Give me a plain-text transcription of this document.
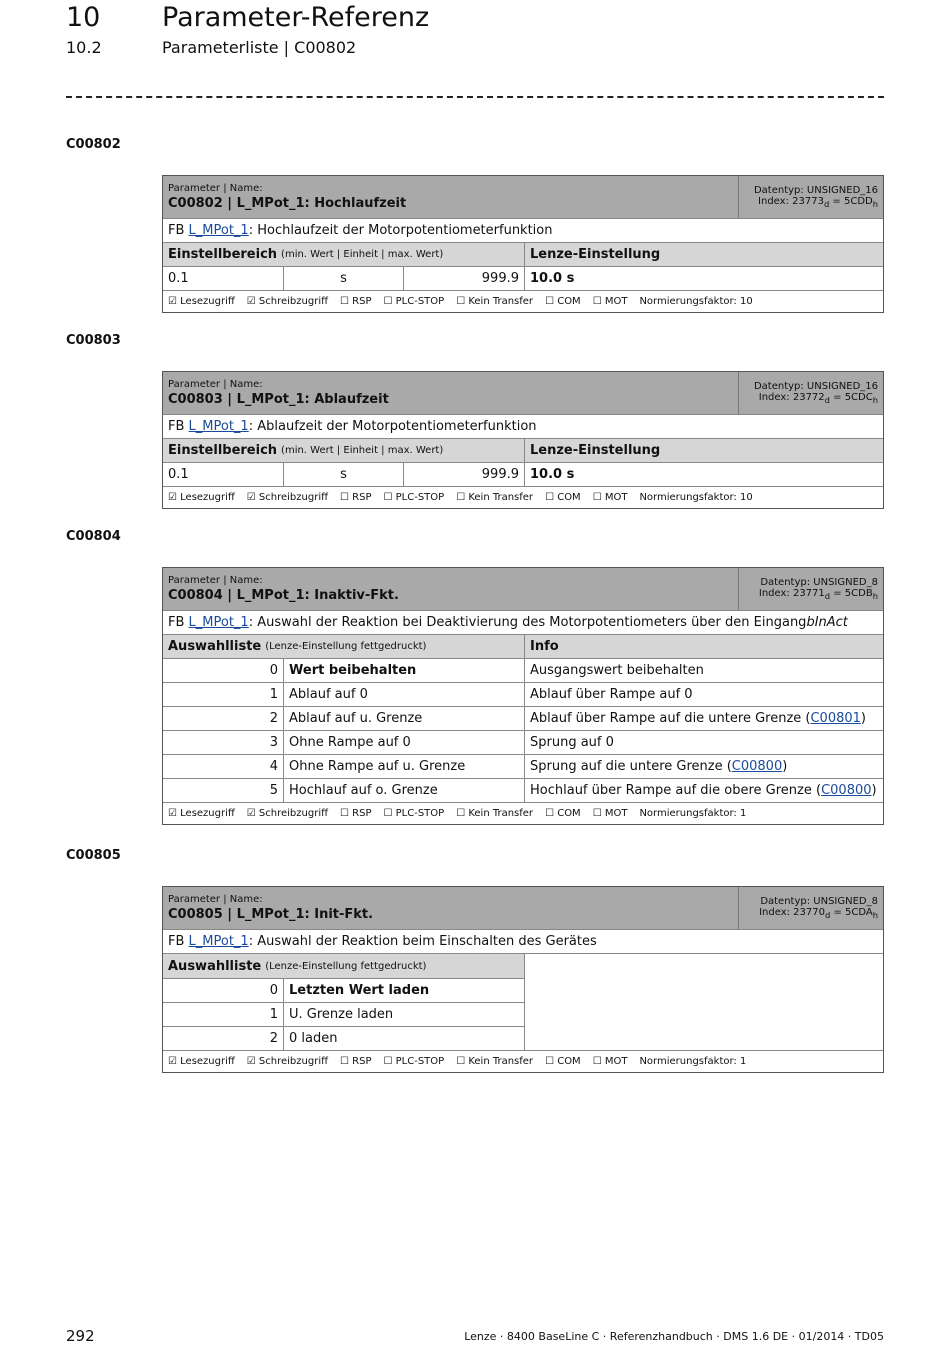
10 Parameter-Referenz
10.2	Parameterliste | C00802
C00802
Parameter | Name:
C00802 | L_MPot_1: Hochlaufzeit
Datentyp: UNSIGNED_16
Index: $23773_d = 5CDD_h$
FB
L_MPot_1 : Hochlaufzeit der Motorpotentiometerfunktion
Einstellbereich (min. Wert | Einheit | max. Wert)	Lenze-Einstellung
0.1	s	999.9 10.0 s
☑ Lesezugriff ☑ Schreibzugriff ☐ RSP ☐ PLC-STOP ☐ Kein Transfer ☐ COM ☐ MOT Normierungsfaktor: 10
C00803
Parameter | Name:
C00803 | L_MPot_1: Ablaufzeit
Datentyp: UNSIGNED_16
Index: $23772_d = 5CDC_h$
FB
L_MPot_1 : Ablaufzeit der Motorpotentiometerfunktion
Einstellbereich (min. Wert | Einheit | max. Wert)	Lenze-Einstellung
0.1	s	999.9 10.0 s
☑ Lesezugriff ☑ Schreibzugriff ☐ RSP ☐ PLC-STOP ☐ Kein Transfer ☐ COM ☐ MOT Normierungsfaktor: 10
C00804
Parameter | Name:
C00804 | L_MPot_1: Inaktiv-Fkt.
Datentyp: UNSIGNED_8
Index: $23771_d = 5CDB_h$
FB
L_MPot_1 : Auswahl der Reaktion bei Deaktivierung des Motorpotentiometers über den Eingang bInAct
Auswahlliste (Lenze-Einstellung fettgedruckt)	Info
0 Wert beibehalten	Ausgangswert beibehalten
1 Ablauf auf 0	Ablauf über Rampe auf 0
2 Ablauf auf u. Grenze	Ablauf über Rampe auf die untere Grenze ( C00801 )
3 Ohne Rampe auf 0	Sprung auf 0
4 Ohne Rampe auf u. Grenze	Sprung auf die untere Grenze ( C00800 )
5 Hochlauf auf o. Grenze	Hochlauf über Rampe auf die obere Grenze ( C00800 )
☑ Lesezugriff ☑ Schreibzugriff ☐ RSP ☐ PLC-STOP ☐ Kein Transfer ☐ COM ☐ MOT Normierungsfaktor: 1
C00805
Parameter | Name:
C00805 | L_MPot_1: Init-Fkt.
Datentyp: UNSIGNED_8
Index: $23770_d = 5CDA_h$
FB
L_MPot_1 : Auswahl der Reaktion beim Einschalten des Gerätes
Auswahlliste (Lenze-Einstellung fettgedruckt)
0 Letzten Wert laden
1 U. Grenze laden
2 0 laden
☑ Lesezugriff ☑ Schreibzugriff ☐ RSP ☐ PLC-STOP ☐ Kein Transfer ☐ COM ☐ MOT Normierungsfaktor: 1
292	Lenze · 8400 BaseLine C · Referenzhandbuch · DMS 1.6 DE · 01/2014 · TD05
